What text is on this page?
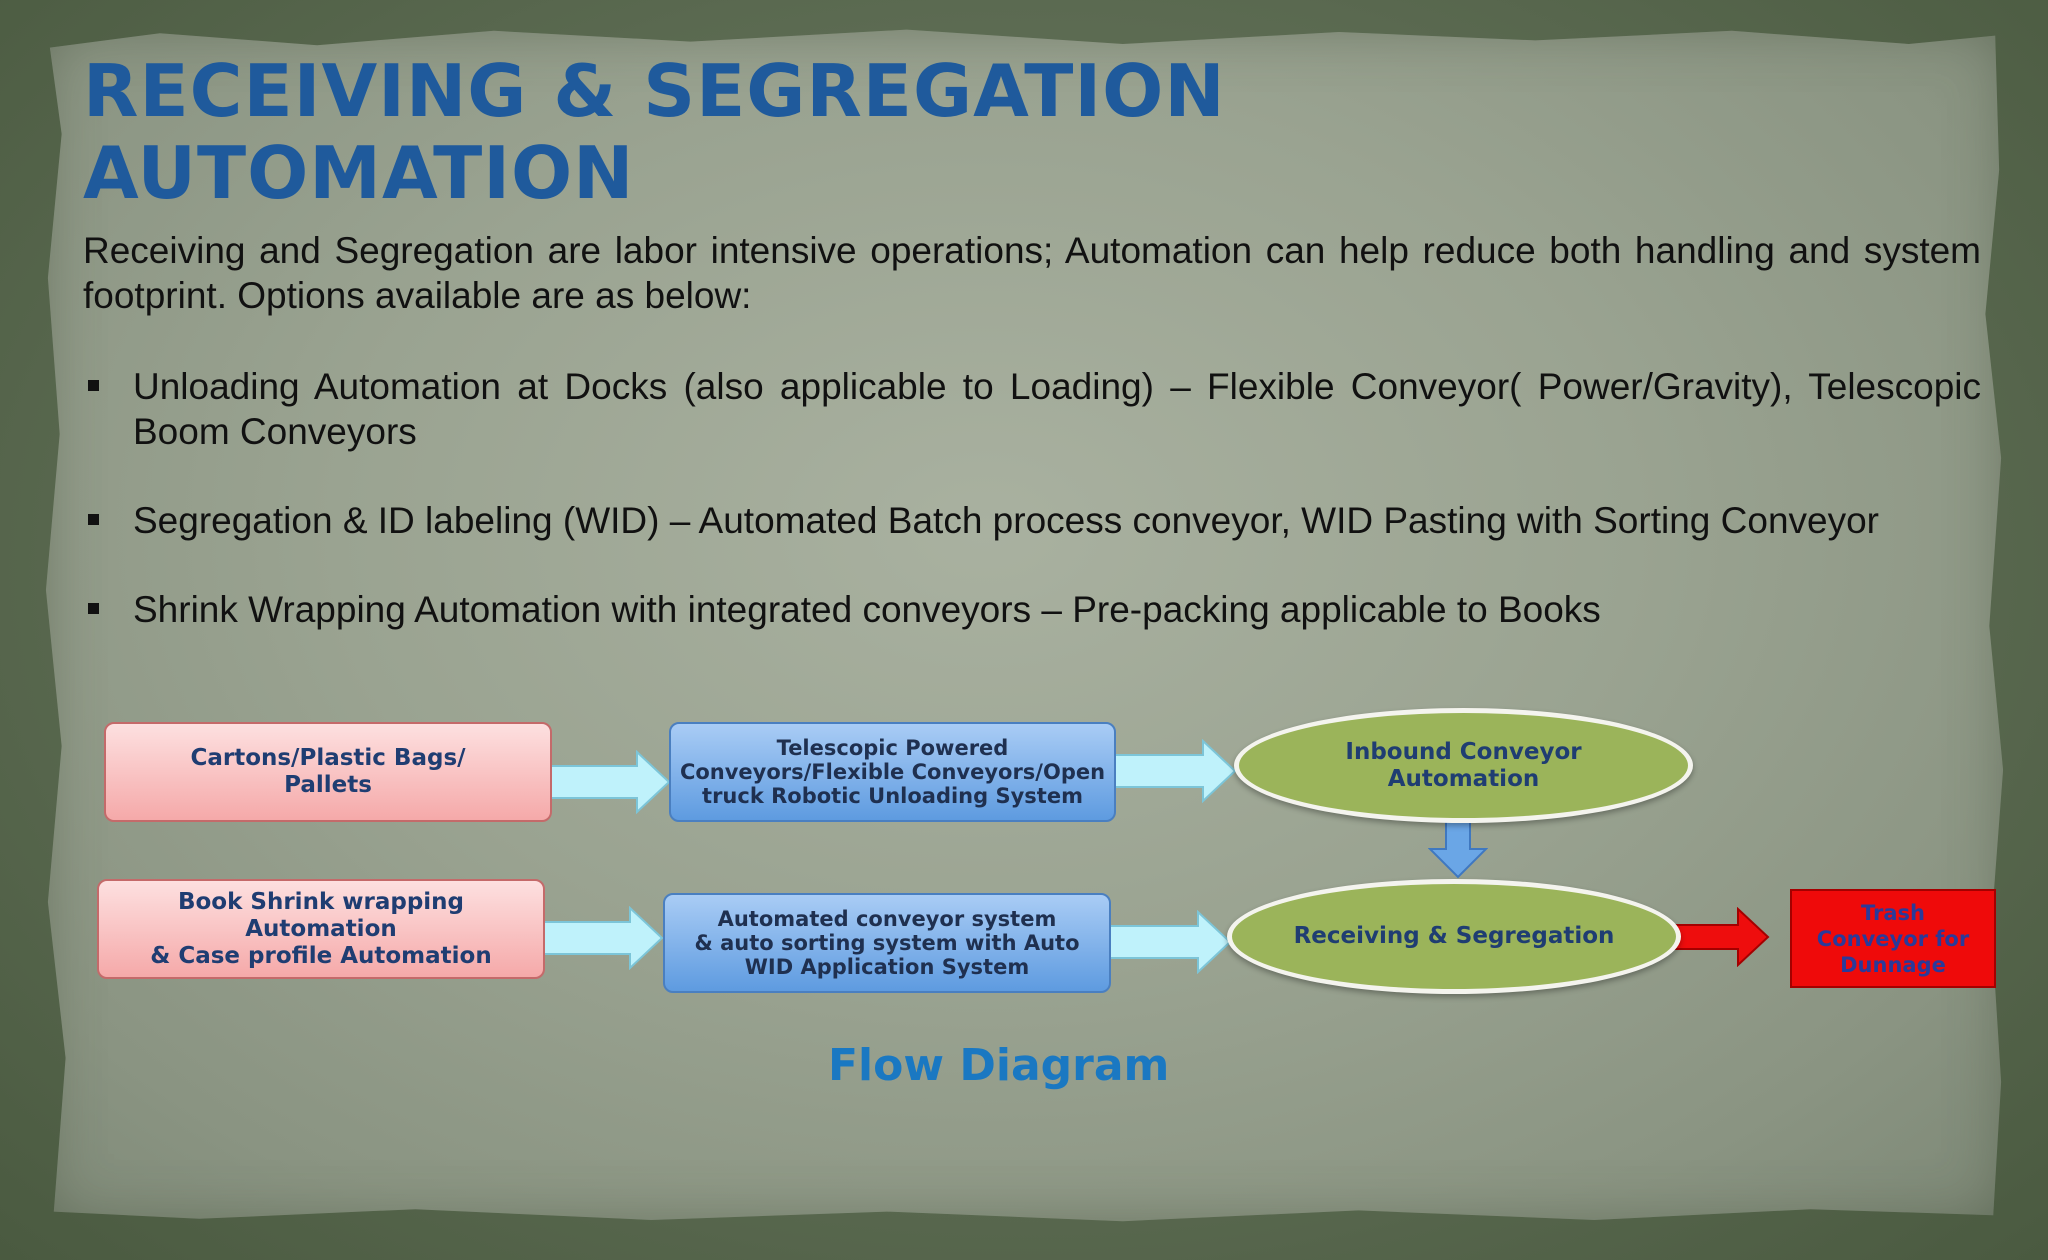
RECEIVING & SEGREGATION
AUTOMATION

Receiving and Segregation are labor intensive operations; Automation can help reduce both handling and system footprint. Options available are as below:

Unloading Automation at Docks (also applicable to Loading) – Flexible Conveyor( Power/Gravity), Telescopic Boom Conveyors
Segregation & ID labeling (WID) – Automated Batch process conveyor, WID Pasting with Sorting Conveyor
Shrink Wrapping Automation with integrated conveyors – Pre-packing applicable to Books
Cartons/Plastic Bags/
Pallets
Telescopic Powered
Conveyors/Flexible Conveyors/Open
truck Robotic Unloading System
Inbound Conveyor
Automation
Book Shrink wrapping Automation
& Case profile Automation
Automated conveyor system
& auto sorting system with Auto
WID Application System
Receiving & Segregation
Trash
Conveyor for
Dunnage

Flow Diagram
